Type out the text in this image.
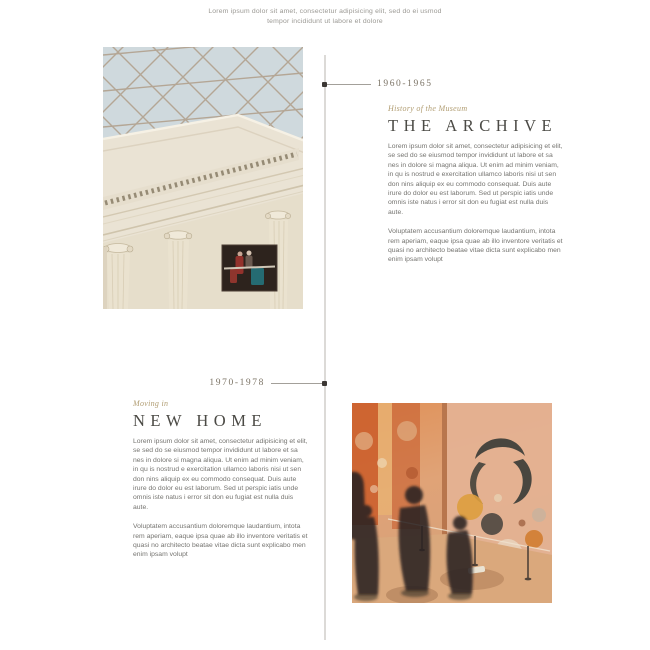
Lorem ipsum dolor sit amet, consectetur adipisicing elit, sed do ei usmod
tempor incididunt ut labore et dolore
1960-1965
History of the Museum
THE ARCHIVE

Lorem ipsum dolor sit amet, consectetur adipisicing et elit, se sed do se eiusmod tempor invididunt ut labore et sa nes in dolore si magna aliqua. Ut enim ad minim veniam, in qu is nostrud e exercitation ullamco laboris nisi ut sen don nins aliquip ex eu commodo consequat. Duis aute irure do dolor eu est laborum. Sed ut perspic iatis unde omnis iste natus i error sit don eu fugiat est nulla duis aute.

Voluptatem accusantium doloremque laudantium, intota rem aperiam, eaque ipsa quae ab illo inventore veritatis et quasi no architecto beatae vitae dicta sunt explicabo men enim ipsam volupt

1970-1978
Moving in
NEW HOME

Lorem ipsum dolor sit amet, consectetur adipisicing et elit, se sed do se eiusmod tempor invididunt ut labore et sa nes in dolore si magna aliqua. Ut enim ad minim veniam, in qu is nostrud e exercitation ullamco laboris nisi ut sen don nins aliquip ex eu commodo consequat. Duis aute irure do dolor eu est laborum. Sed ut perspic iatis unde omnis iste natus i error sit don eu fugiat est nulla duis aute.

Voluptatem accusantium doloremque laudantium, intota rem aperiam, eaque ipsa quae ab illo inventore veritatis et quasi no architecto beatae vitae dicta sunt explicabo men enim ipsam volupt
